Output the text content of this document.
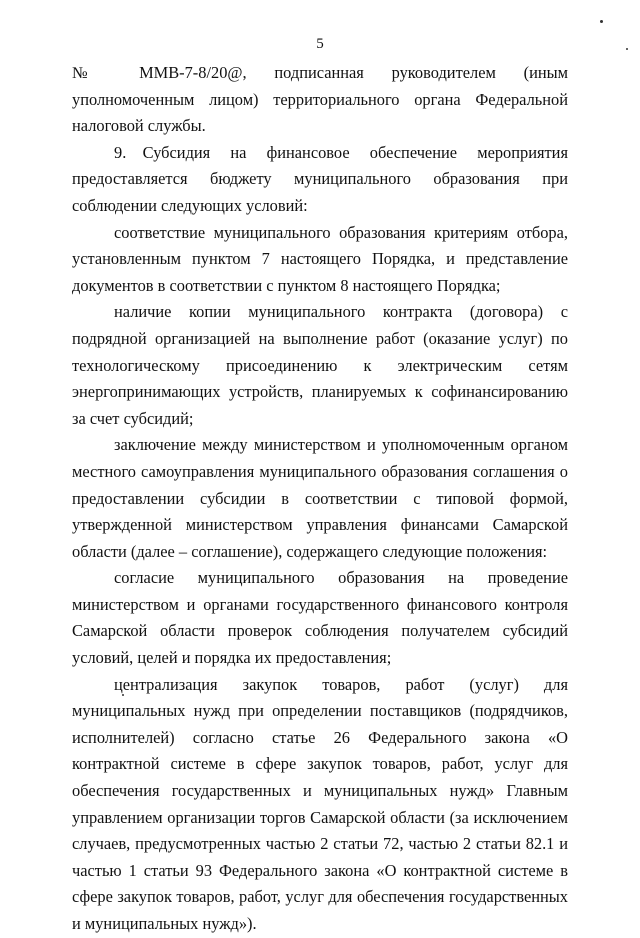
5

№ ММВ-7-8/20@, подписанная руководителем (иным уполномоченным лицом) территориального органа Федеральной налоговой службы.

9. Субсидия на финансовое обеспечение мероприятия предоставляется бюджету муниципального образования при соблюдении следующих условий:

соответствие муниципального образования критериям отбора, установленным пунктом 7 настоящего Порядка, и представление документов в соответствии с пунктом 8 настоящего Порядка;

наличие копии муниципального контракта (договора) с подрядной организацией на выполнение работ (оказание услуг) по технологическому присоединению к электрическим сетям энергопринимающих устройств, планируемых к софинансированию за счет субсидий;

заключение между министерством и уполномоченным органом местного самоуправления муниципального образования соглашения о предоставлении субсидии в соответствии с типовой формой, утвержденной министерством управления финансами Самарской области (далее – соглашение), содержащего следующие положения:

согласие муниципального образования на проведение министерством и органами государственного финансового контроля Самарской области проверок соблюдения получателем субсидий условий, целей и порядка их предоставления;

централизация закупок товаров, работ (услуг) для муниципальных нужд при определении поставщиков (подрядчиков, исполнителей) согласно статье 26 Федерального закона «О контрактной системе в сфере закупок товаров, работ, услуг для обеспечения государственных и муниципальных нужд» Главным управлением организации торгов Самарской области (за исключением случаев, предусмотренных частью 2 статьи 72, частью 2 статьи 82.1 и частью 1 статьи 93 Федерального закона «О контрактной системе в сфере закупок товаров, работ, услуг для обеспечения государственных и муниципальных нужд»).
